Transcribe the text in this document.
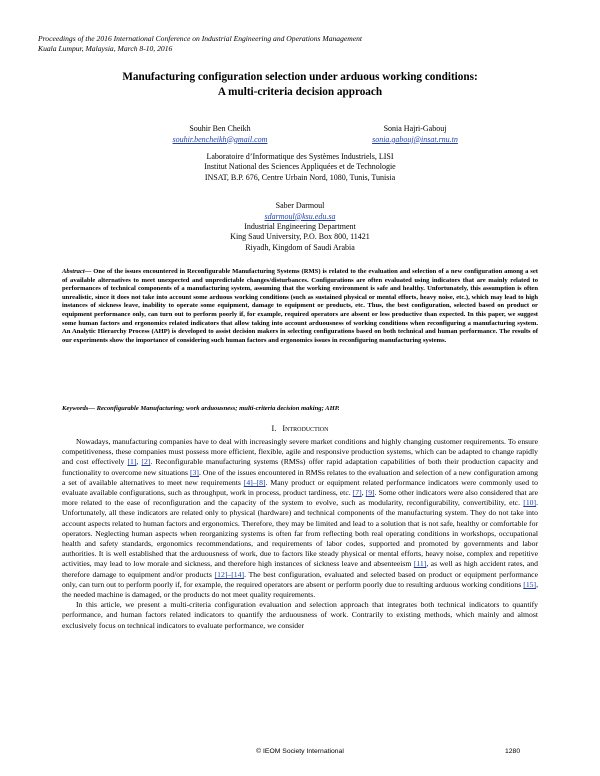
Proceedings of the 2016 International Conference on Industrial Engineering and Operations Management
Kuala Lumpur, Malaysia, March 8-10, 2016
Manufacturing configuration selection under arduous working conditions:
A multi-criteria decision approach
Souhir Ben Cheikh
souhir.bencheikh@gmail.com
Sonia Hajri-Gabouj
sonia.gabouj@insat.rnu.tn
Laboratoire d’Informatique des Systèmes Industriels, LISI
Institut National des Sciences Appliquées et de Technologie
INSAT, B.P. 676, Centre Urbain Nord, 1080, Tunis, Tunisia
Saber Darmoul
sdarmoul@ksu.edu.sa
Industrial Engineering Department
King Saud University, P.O. Box 800, 11421
Riyadh, Kingdom of Saudi Arabia
Abstract— One of the issues encountered in Reconfigurable Manufacturing Systems (RMS) is related to the evaluation and selection of a new configuration among a set of available alternatives to meet unexpected and unpredictable changes/disturbances. Configurations are often evaluated using indicators that are mainly related to performances of technical components of a manufacturing system, assuming that the working environment is safe and healthy. Unfortunately, this assumption is often unrealistic, since it does not take into account some arduous working conditions (such as sustained physical or mental efforts, heavy noise, etc.), which may lead to high instances of sickness leave, inability to operate some equipment, damage to equipment or products, etc. Thus, the best configuration, selected based on product or equipment performance only, can turn out to perform poorly if, for example, required operators are absent or less productive than expected. In this paper, we suggest some human factors and ergonomics related indicators that allow taking into account arduousness of working conditions when reconfiguring a manufacturing system. An Analytic Hierarchy Process (AHP) is developed to assist decision makers in selecting configurations based on both technical and human performance. The results of our experiments show the importance of considering such human factors and ergonomics issues in reconfiguring manufacturing systems.
Keywords— Reconfigurable Manufacturing; work arduousness; multi-criteria decision making; AHP.
I. Introduction

Nowadays, manufacturing companies have to deal with increasingly severe market conditions and highly changing customer requirements. To ensure competitiveness, these companies must possess more efficient, flexible, agile and responsive production systems, which can be adapted to change rapidly and cost effectively [1], [2]. Reconfigurable manufacturing systems (RMSs) offer rapid adaptation capabilities of both their production capacity and functionality to overcome new situations [3]. One of the issues encountered in RMSs relates to the evaluation and selection of a new configuration among a set of available alternatives to meet new requirements [4]–[8]. Many product or equipment related performance indicators were commonly used to evaluate available configurations, such as throughput, work in process, product tardiness, etc. [7], [9]. Some other indicators were also considered that are more related to the ease of reconfiguration and the capacity of the system to evolve, such as modularity, reconfigurability, convertibility, etc. [10]. Unfortunately, all these indicators are related only to physical (hardware) and technical components of the manufacturing system. They do not take into account aspects related to human factors and ergonomics. Therefore, they may be limited and lead to a solution that is not safe, healthy or comfortable for operators. Neglecting human aspects when reorganizing systems is often far from reflecting both real operating conditions in workshops, occupational health and safety standards, ergonomics recommendations, and requirements of labor codes, supported and promoted by governments and labor authorities. It is well established that the arduousness of work, due to factors like steady physical or mental efforts, heavy noise, complex and repetitive activities, may lead to low morale and sickness, and therefore high instances of sickness leave and absenteeism [11], as well as high accident rates, and therefore damage to equipment and/or products [12]–[14]. The best configuration, evaluated and selected based on product or equipment performance only, can turn out to perform poorly if, for example, the required operators are absent or perform poorly due to resulting arduous working conditions [15], the needed machine is damaged, or the products do not meet quality requirements.

In this article, we present a multi-criteria configuration evaluation and selection approach that integrates both technical indicators to quantify performance, and human factors related indicators to quantify the arduousness of work. Contrarily to existing methods, which mainly and almost exclusively focus on technical indicators to evaluate performance, we consider

© IEOM Society International	1280
